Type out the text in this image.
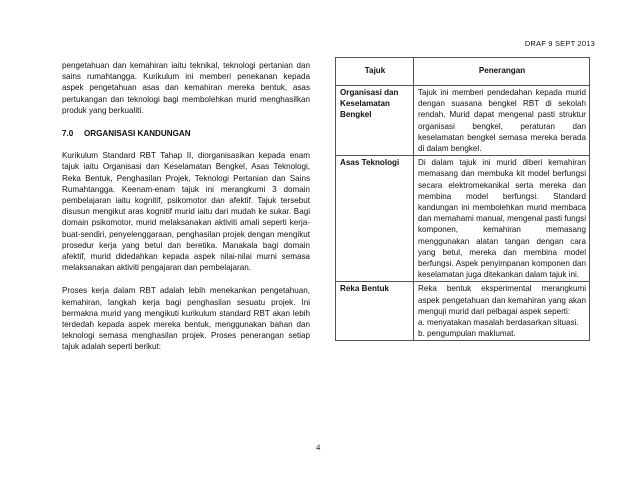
DRAF 9 SEPT 2013

pengetahuan dan kemahiran iaitu teknikal, teknologi pertanian dan sains rumahtangga. Kurikulum ini memberi penekanan kepada aspek pengetahuan asas dan kemahiran mereka bentuk, asas pertukangan dan teknologi bagi membolehkan murid menghasilkan produk yang berkualiti.

7.0 ORGANISASI KANDUNGAN

Kurikulum Standard RBT Tahap II, diorganisasikan kepada enam tajuk iaitu Organisasi dan Keselamatan Bengkel, Asas Teknologi, Reka Bentuk, Penghasilan Projek, Teknologi Pertanian dan Sains Rumahtangga. Keenam-enam tajuk ini merangkumi 3 domain pembelajaran iaitu kognitif, psikomotor dan afektif. Tajuk tersebut disusun mengikut aras kognitif murid iaitu dari mudah ke sukar. Bagi domain psikomotor, murid melaksanakan aktiviti amali seperti kerja-buat-sendiri, penyelenggaraan, penghasilan projek dengan mengikut prosedur kerja yang betul dan beretika. Manakala bagi domain afektif, murid didedahkan kepada aspek nilai-nilai murni semasa melaksanakan aktiviti pengajaran dan pembelajaran.

Proses kerja dalam RBT adalah lebih menekankan pengetahuan, kemahiran, langkah kerja bagi penghasilan sesuatu projek. Ini bermakna murid yang mengikuti kurikulum standard RBT akan lebih terdedah kepada aspek mereka bentuk, menggunakan bahan dan teknologi semasa menghasilan projek. Proses penerangan setiap tajuk adalah seperti berikut:

Tajuk	Penerangan
Organisasi dan Keselamatan Bengkel	Tajuk ini memberi pendedahan kepada murid dengan suasana bengkel RBT di sekolah rendah. Murid dapat mengenal pasti struktur organisasi bengkel, peraturan dan keselamatan bengkel semasa mereka berada di dalam bengkel.
Asas Teknologi	Di dalam tajuk ini murid diberi kemahiran memasang dan membuka kit model berfungsi secara elektromekanikal serta mereka dan membina model berfungsi. Standard kandungan ini membolehkan murid membaca dan memahami manual, mengenal pasti fungsi komponen, kemahiran memasang menggunakan alatan tangan dengan cara yang betul, mereka dan membina model berfungsi. Aspek penyimpanan komponen dan keselamatan juga ditekankan dalam tajuk ini.
Reka Bentuk	Reka bentuk eksperimental merangkumi aspek pengetahuan dan kemahiran yang akan menguji murid dari pelbagai aspek seperti:
a. menyatakan masalah berdasarkan situasi.
b. pengumpulan maklumat.
4
